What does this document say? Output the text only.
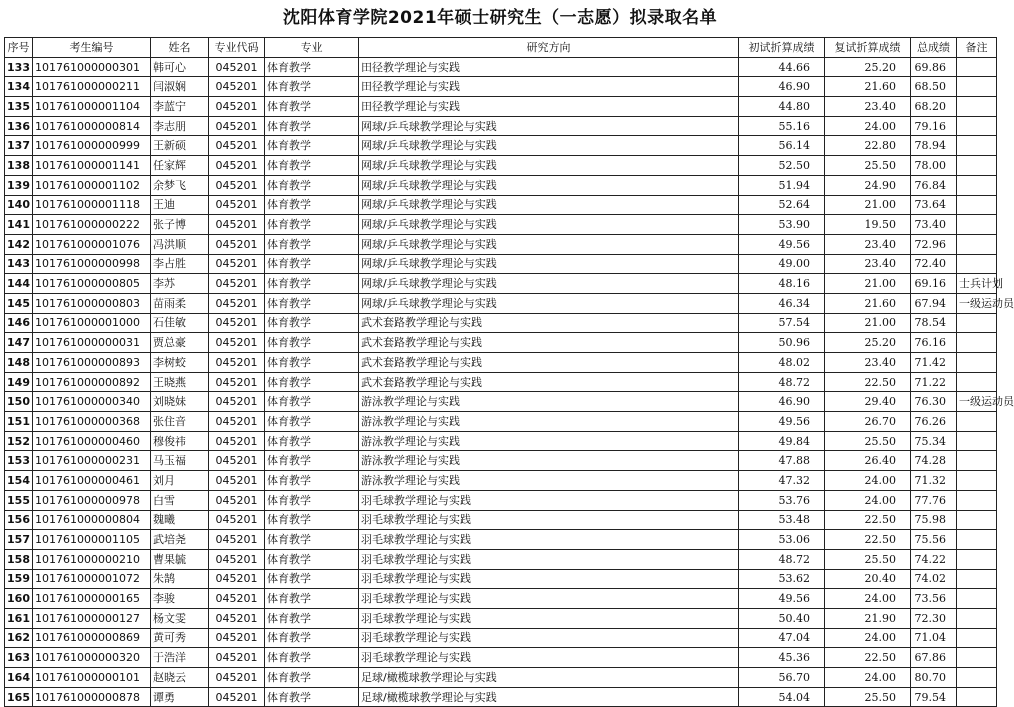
沈阳体育学院2021年硕士研究生（一志愿）拟录取名单
序号	考生编号	姓名	专业代码	专业	研究方向	初试折算成绩	复试折算成绩	总成绩	备注
133	101761000000301	韩可心	045201	体育教学	田径教学理论与实践	44.66	25.20	69.86	
134	101761000000211	闫淑娴	045201	体育教学	田径教学理论与实践	46.90	21.60	68.50	
135	101761000001104	李蓝宁	045201	体育教学	田径教学理论与实践	44.80	23.40	68.20	
136	101761000000814	李志朋	045201	体育教学	网球/乒乓球教学理论与实践	55.16	24.00	79.16	
137	101761000000999	王新硕	045201	体育教学	网球/乒乓球教学理论与实践	56.14	22.80	78.94	
138	101761000001141	任家辉	045201	体育教学	网球/乒乓球教学理论与实践	52.50	25.50	78.00	
139	101761000001102	余梦飞	045201	体育教学	网球/乒乓球教学理论与实践	51.94	24.90	76.84	
140	101761000001118	王迪	045201	体育教学	网球/乒乓球教学理论与实践	52.64	21.00	73.64	
141	101761000000222	张子博	045201	体育教学	网球/乒乓球教学理论与实践	53.90	19.50	73.40	
142	101761000001076	冯洪顺	045201	体育教学	网球/乒乓球教学理论与实践	49.56	23.40	72.96	
143	101761000000998	李占胜	045201	体育教学	网球/乒乓球教学理论与实践	49.00	23.40	72.40	
144	101761000000805	李苏	045201	体育教学	网球/乒乓球教学理论与实践	48.16	21.00	69.16	士兵计划
145	101761000000803	苗雨柔	045201	体育教学	网球/乒乓球教学理论与实践	46.34	21.60	67.94	一级运动员
146	101761000001000	石佳敏	045201	体育教学	武术套路教学理论与实践	57.54	21.00	78.54	
147	101761000000031	贾总豪	045201	体育教学	武术套路教学理论与实践	50.96	25.20	76.16	
148	101761000000893	李树蛟	045201	体育教学	武术套路教学理论与实践	48.02	23.40	71.42	
149	101761000000892	王晓燕	045201	体育教学	武术套路教学理论与实践	48.72	22.50	71.22	
150	101761000000340	刘晓妹	045201	体育教学	游泳教学理论与实践	46.90	29.40	76.30	一级运动员
151	101761000000368	张住音	045201	体育教学	游泳教学理论与实践	49.56	26.70	76.26	
152	101761000000460	穆俊祎	045201	体育教学	游泳教学理论与实践	49.84	25.50	75.34	
153	101761000000231	马玉福	045201	体育教学	游泳教学理论与实践	47.88	26.40	74.28	
154	101761000000461	刘月	045201	体育教学	游泳教学理论与实践	47.32	24.00	71.32	
155	101761000000978	白雪	045201	体育教学	羽毛球教学理论与实践	53.76	24.00	77.76	
156	101761000000804	魏曦	045201	体育教学	羽毛球教学理论与实践	53.48	22.50	75.98	
157	101761000001105	武培尧	045201	体育教学	羽毛球教学理论与实践	53.06	22.50	75.56	
158	101761000000210	曹果毓	045201	体育教学	羽毛球教学理论与实践	48.72	25.50	74.22	
159	101761000001072	朱鹄	045201	体育教学	羽毛球教学理论与实践	53.62	20.40	74.02	
160	101761000000165	李骏	045201	体育教学	羽毛球教学理论与实践	49.56	24.00	73.56	
161	101761000000127	杨文雯	045201	体育教学	羽毛球教学理论与实践	50.40	21.90	72.30	
162	101761000000869	黄可秀	045201	体育教学	羽毛球教学理论与实践	47.04	24.00	71.04	
163	101761000000320	于浩洋	045201	体育教学	羽毛球教学理论与实践	45.36	22.50	67.86	
164	101761000000101	赵晓云	045201	体育教学	足球/橄榄球教学理论与实践	56.70	24.00	80.70	
165	101761000000878	谭勇	045201	体育教学	足球/橄榄球教学理论与实践	54.04	25.50	79.54	
